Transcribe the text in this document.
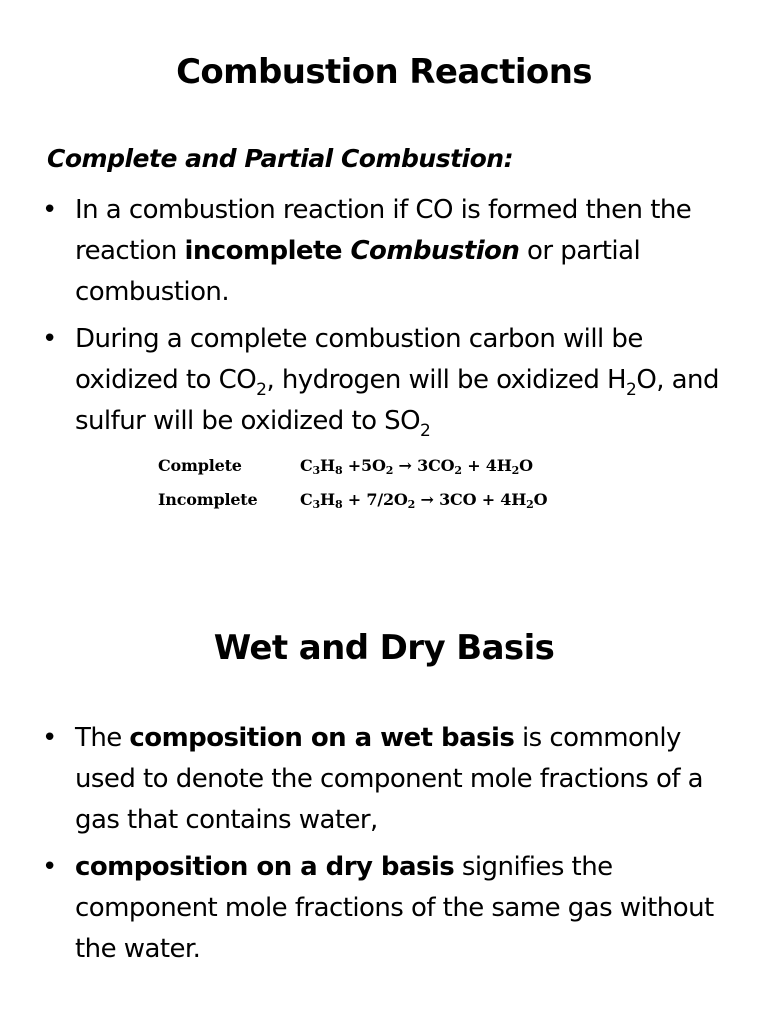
Combustion Reactions

Complete and Partial Combustion:

• In a combustion reaction if CO is formed then the reaction incomplete Combustion or partial combustion.
• During a complete combustion carbon will be oxidized to $CO_2$, hydrogen will be oxidized $H_2O$, and sulfur will be oxidized to $SO_2$
Complete	$C_3H_8 +5O_2 \to 3CO_2 + 4H_2O$
Incomplete	$C_3H_8 + 7/2O_2 \to 3CO + 4H_2O$
Wet and Dry Basis
• The composition on a wet basis is commonly used to denote the component mole fractions of a gas that contains water,
• composition on a dry basis signifies the component mole fractions of the same gas without the water.
